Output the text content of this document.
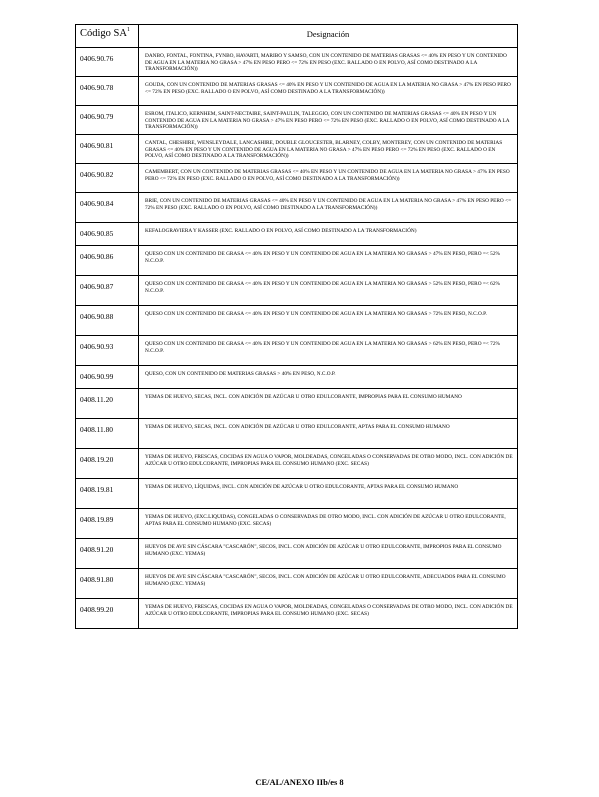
Código $SA^1$	Designación
0406.90.76	DANBO, FONTAL, FONTINA, FYNBO, HAVARTI, MARIBO Y SAMSO, CON UN CONTENIDO DE MATERIAS GRASAS <= 40% EN PESO Y UN CONTENIDO DE AGUA EN LA MATERIA NO GRASA > 47% EN PESO PERO <= 72% EN PESO (EXC. RALLADO O EN POLVO, ASÍ COMO DESTINADO A LA TRANSFORMACIÓN))
0406.90.78	GOUDA, CON UN CONTENIDO DE MATERIAS GRASAS <= 40% EN PESO Y UN CONTENIDO DE AGUA EN LA MATERIA NO GRASA > 47% EN PESO PERO <= 72% EN PESO (EXC. RALLADO O EN POLVO, ASÍ COMO DESTINADO A LA TRANSFORMACIÓN))
0406.90.79	ESROM, ITALICO, KERNHEM, SAINT-NECTAIRE, SAINT-PAULIN, TALEGGIO, CON UN CONTENIDO DE MATERIAS GRASAS <= 40% EN PESO Y UN CONTENIDO DE AGUA EN LA MATERIA NO GRASA > 47% EN PESO PERO <= 72% EN PESO (EXC. RALLADO O EN POLVO, ASÍ COMO DESTINADO A LA TRANSFORMACIÓN))
0406.90.81	CANTAL, CHESHIRE, WENSLEYDALE, LANCASHIRE, DOUBLE GLOUCESTER, BLARNEY, COLBY, MONTEREY, CON UN CONTENIDO DE MATERIAS GRASAS <= 40% EN PESO Y UN CONTENIDO DE AGUA EN LA MATERIA NO GRASA > 47% EN PESO PERO <= 72% EN PESO (EXC. RALLADO O EN POLVO, ASÍ COMO DESTINADO A LA TRANSFORMACIÓN))
0406.90.82	CAMEMBERT, CON UN CONTENIDO DE MATERIAS GRASAS <= 40% EN PESO Y UN CONTENIDO DE AGUA EN LA MATERIA NO GRASA > 47% EN PESO PERO <= 72% EN PESO (EXC. RALLADO O EN POLVO, ASÍ COMO DESTINADO A LA TRANSFORMACIÓN))
0406.90.84	BRIE, CON UN CONTENIDO DE MATERIAS GRASAS <= 40% EN PESO Y UN CONTENIDO DE AGUA EN LA MATERIA NO GRASA > 47% EN PESO PERO <= 72% EN PESO (EXC. RALLADO O EN POLVO, ASÍ COMO DESTINADO A LA TRANSFORMACIÓN))
0406.90.85	KEFALOGRAVIERA Y KASSER (EXC. RALLADO O EN POLVO, ASÍ COMO DESTINADO A LA TRANSFORMACIÓN)
0406.90.86	QUESO CON UN CONTENIDO DE GRASA <= 40% EN PESO Y UN CONTENIDO DE AGUA EN LA MATERIA NO GRASAS > 47% EN PESO, PERO =< 52% N.C.O.P.
0406.90.87	QUESO CON UN CONTENIDO DE GRASA <= 40% EN PESO Y UN CONTENIDO DE AGUA EN LA MATERIA NO GRASAS > 52% EN PESO, PERO =< 62% N.C.O.P.
0406.90.88	QUESO CON UN CONTENIDO DE GRASA <= 40% EN PESO Y UN CONTENIDO DE AGUA EN LA MATERIA NO GRASAS > 72% EN PESO, N.C.O.P.
0406.90.93	QUESO CON UN CONTENIDO DE GRASA <= 40% EN PESO Y UN CONTENIDO DE AGUA EN LA MATERIA NO GRASAS > 62% EN PESO, PERO =< 72% N.C.O.P.
0406.90.99	QUESO, CON UN CONTENIDO DE MATERIAS GRASAS > 40% EN PESO, N.C.O.P.
0408.11.20	YEMAS DE HUEVO, SECAS, INCL. CON ADICIÓN DE AZÚCAR U OTRO EDULCORANTE, IMPROPIAS PARA EL CONSUMO HUMANO
0408.11.80	YEMAS DE HUEVO, SECAS, INCL. CON ADICIÓN DE AZÚCAR U OTRO EDULCORANTE, APTAS PARA EL CONSUMO HUMANO
0408.19.20	YEMAS DE HUEVO, FRESCAS, COCIDAS EN AGUA O VAPOR, MOLDEADAS, CONGELADAS O CONSERVADAS DE OTRO MODO, INCL. CON ADICIÓN DE AZÚCAR U OTRO EDULCORANTE, IMPROPIAS PARA EL CONSUMO HUMANO (EXC. SECAS)
0408.19.81	YEMAS DE HUEVO, LÍQUIDAS, INCL. CON ADICIÓN DE AZÚCAR U OTRO EDULCORANTE, APTAS PARA EL CONSUMO HUMANO
0408.19.89	YEMAS DE HUEVO, (EXC.LIQUIDAS), CONGELADAS O CONSERVADAS DE OTRO MODO, INCL. CON ADICIÓN DE AZÚCAR U OTRO EDULCORANTE, APTAS PARA EL CONSUMO HUMANO (EXC. SECAS)
0408.91.20	HUEVOS DE AVE SIN CÁSCARA "CASCARÓN", SECOS, INCL. CON ADICIÓN DE AZÚCAR U OTRO EDULCORANTE, IMPROPIOS PARA EL CONSUMO HUMANO (EXC. YEMAS)
0408.91.80	HUEVOS DE AVE SIN CÁSCARA "CASCARÓN", SECOS, INCL. CON ADICIÓN DE AZÚCAR U OTRO EDULCORANTE, ADECUADOS PARA EL CONSUMO HUMANO (EXC. YEMAS)
0408.99.20	YEMAS DE HUEVO, FRESCAS, COCIDAS EN AGUA O VAPOR, MOLDEADAS, CONGELADAS O CONSERVADAS DE OTRO MODO, INCL. CON ADICIÓN DE AZÚCAR U OTRO EDULCORANTE, IMPROPIAS PARA EL CONSUMO HUMANO (EXC. SECAS)
CE/AL/ANEXO IIb/es 8
